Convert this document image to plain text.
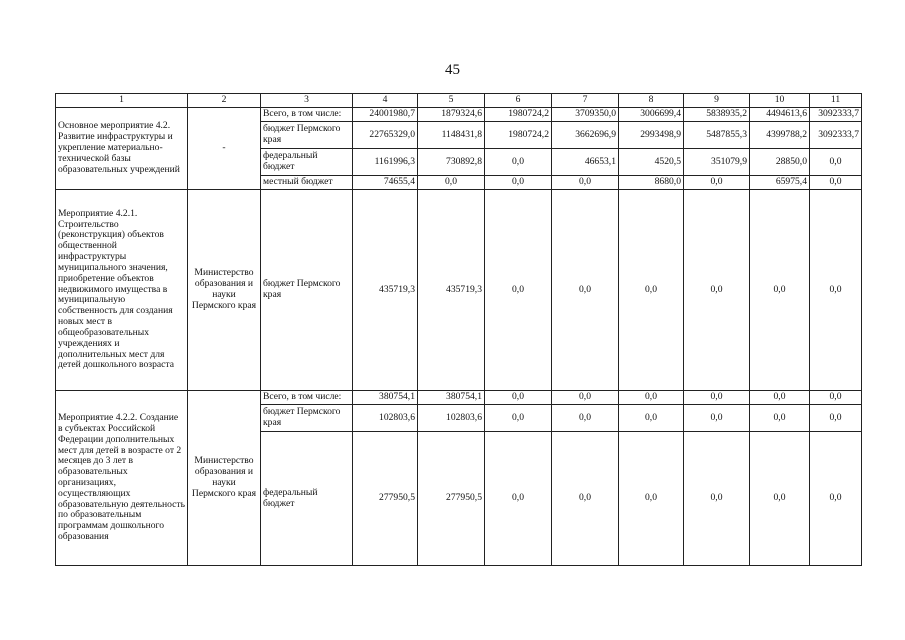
45
1	2	3	4	5	6	7	8	9	10	11
Основное мероприятие 4.2. Развитие инфраструктуры и укрепление материально-технической базы образовательных учреждений	-	Всего, в том числе:	24001980,7	1879324,6	1980724,2	3709350,0	3006699,4	5838935,2	4494613,6	3092333,7
		бюджет Пермского края	22765329,0	1148431,8	1980724,2	3662696,9	2993498,9	5487855,3	4399788,2	3092333,7
		федеральный бюджет	1161996,3	730892,8	0,0	46653,1	4520,5	351079,9	28850,0	0,0
		местный бюджет	74655,4	0,0	0,0	0,0	8680,0	0,0	65975,4	0,0
Мероприятие 4.2.1. Строительство (реконструкция) объектов общественной инфраструктуры муниципального значения, приобретение объектов недвижимого имущества в муниципальную собственность для создания новых мест в общеобразовательных учреждениях и дополнительных мест для детей дошкольного возраста	Министерство образования и науки Пермского края	бюджет Пермского края	435719,3	435719,3	0,0	0,0	0,0	0,0	0,0	0,0
Мероприятие 4.2.2. Создание в субъектах Российской Федерации дополнительных мест для детей в возрасте от 2 месяцев до 3 лет в образовательных организациях, осуществляющих образовательную деятельность по образовательным программам дошкольного образования	Министерство образования и науки Пермского края	Всего, в том числе:	380754,1	380754,1	0,0	0,0	0,0	0,0	0,0	0,0
		бюджет Пермского края	102803,6	102803,6	0,0	0,0	0,0	0,0	0,0	0,0
		федеральный бюджет	277950,5	277950,5	0,0	0,0	0,0	0,0	0,0	0,0
